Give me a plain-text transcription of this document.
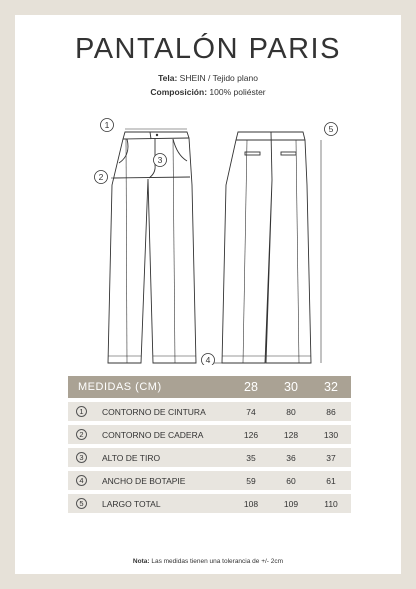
PANTALÓN PARIS
Tela: SHEIN / Tejido plano
Composición: 100% poliéster
1
2
3
4
5
MEDIDAS (CM)	28	30	32
1	CONTORNO DE CINTURA	74	80	86
2	CONTORNO DE CADERA	126	128	130
3	ALTO DE TIRO	35	36	37
4	ANCHO DE BOTAPIE	59	60	61
5	LARGO TOTAL	108	109	110
Nota: Las medidas tienen una tolerancia de +/- 2cm
